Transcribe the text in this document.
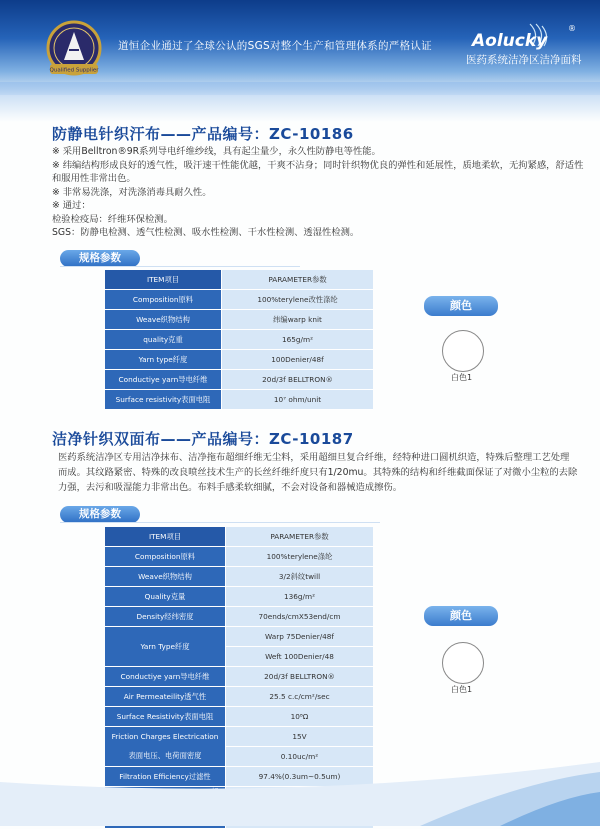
Qualified Supplier
道恒企业通过了全球公认的SGS对整个生产和管理体系的严格认证 Aolucky
®
医药系统洁净区洁净面料
防静电针织汗布——产品编号：ZC-10186
※ 采用Belltron®9R系列导电纤维纱线，具有起尘量少，永久性防静电等性能。
※ 纬编结构形成良好的透气性，吸汗速干性能优越，干爽不沾身；同时针织物优良的弹性和延展性，质地柔软，无拘紧感，舒适性
和服用性非常出色。
※ 非常易洗涤，对洗涤消毒具耐久性。
※ 通过：
检验检疫局：纤维环保检测。
SGS：防静电检测、透气性检测、吸水性检测、干水性检测、透湿性检测。
规格参数
ITEM项目	PARAMETER参数
Composition原料	100%terylene改性涤纶
Weave织物结构	纬编warp knit
quality克重	165g/m²
Yarn type纤度	100Denier/48f
Conductiye yarn导电纤维	20d/3f BELLTRON®
Surface resistivity表面电阻	10⁷ ohm/unit
颜色
白色1
洁净针织双面布——产品编号：ZC-10187
医药系统洁净区专用洁净抹布、洁净拖布超细纤维无尘料，采用超细旦复合纤维，经特种进口圆机织造，特殊后整理工艺处理而成。其纹路紧密、特殊的改良喷丝技术生产的长丝纤维纤度只有1/20mu。其特殊的结构和纤维截面保证了对微小尘粒的去除力强，去污和吸湿能力非常出色。布料手感柔软细腻，不会对设备和器械造成擦伤。
规格参数
ITEM项目	PARAMETER参数
Composition原料	100%terylene涤纶
Weave织物结构	3/2斜纹twill
Quality克量	136g/m²
Density经纬密度	70ends/cmX53end/cm
Yarn Type纤度	Warp 75Denier/48f
	Weft 100Denier/48
Conductiye yarn导电纤维	20d/3f BELLTRON®
Air Permeateility透气性	25.5 c.c/cm²/sec
Surface Resistivity表面电阻	10⁸Ω
Friction Charges Electrication	15V
表面电压、电荷面密度	0.10uc/m²
Filtration Efficiency过滤性	97.4%(0.3um~0.5um)

颜色
白色1
